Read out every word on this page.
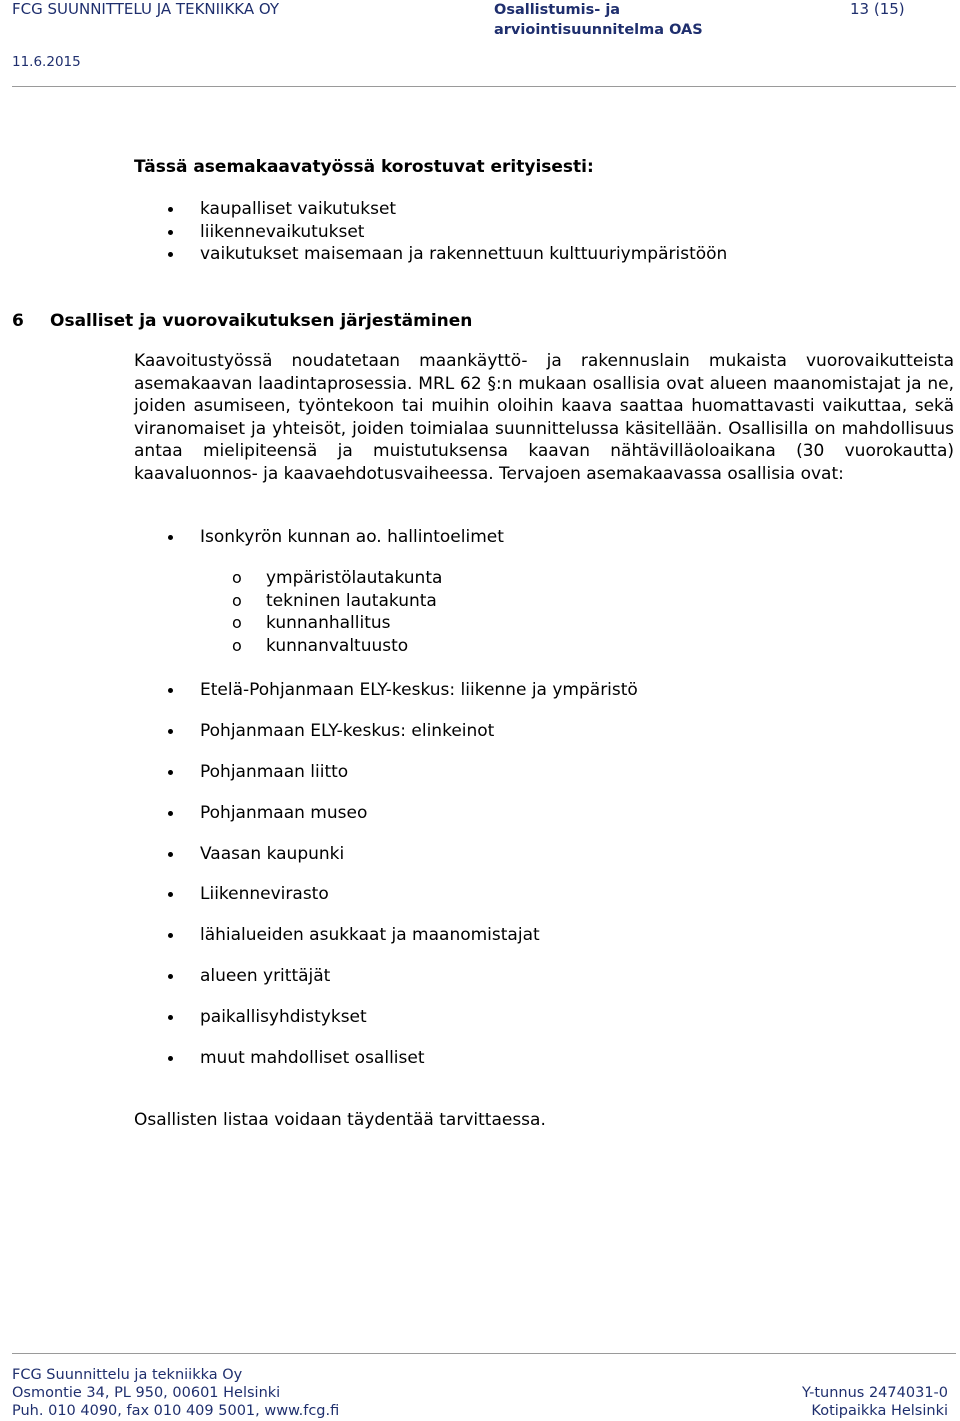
FCG SUUNNITTELU JA TEKNIIKKA OY
11.6.2015
Osallistumis- ja
arviointisuunnitelma OAS
13 (15)
Tässä asemakaavatyössä korostuvat erityisesti:
kaupalliset vaikutukset
liikennevaikutukset
vaikutukset maisemaan ja rakennettuun kulttuuriympäristöön
6 Osalliset ja vuorovaikutuksen järjestäminen
Kaavoitustyössä noudatetaan maankäyttö- ja rakennuslain mukaista vuorovaikutteista asemakaavan laadintaprosessia. MRL 62 §:n mukaan osallisia ovat alueen maanomistajat ja ne, joiden asumiseen, työntekoon tai muihin oloihin kaava saattaa huomattavasti vaikuttaa, sekä viranomaiset ja yhteisöt, joiden toimialaa suunnittelussa käsitellään. Osallisilla on mahdollisuus antaa mielipiteensä ja muistutuksensa kaavan nähtävilläoloaikana (30 vuorokautta) kaavaluonnos- ja kaavaehdotusvaiheessa. Tervajoen asemakaavassa osallisia ovat:
Isonkyrön kunnan ao. hallintoelimet
o ympäristölautakunta
o tekninen lautakunta
o kunnanhallitus
o kunnanvaltuusto
Etelä-Pohjanmaan ELY-keskus: liikenne ja ympäristö
Pohjanmaan ELY-keskus: elinkeinot
Pohjanmaan liitto
Pohjanmaan museo
Vaasan kaupunki
Liikennevirasto
lähialueiden asukkaat ja maanomistajat
alueen yrittäjät
paikallisyhdistykset
muut mahdolliset osalliset
Osallisten listaa voidaan täydentää tarvittaessa.
FCG Suunnittelu ja tekniikka Oy
Osmontie 34, PL 950, 00601 Helsinki
Puh. 010 4090, fax 010 409 5001, www.fcg.fi
Y-tunnus 2474031-0
Kotipaikka Helsinki
